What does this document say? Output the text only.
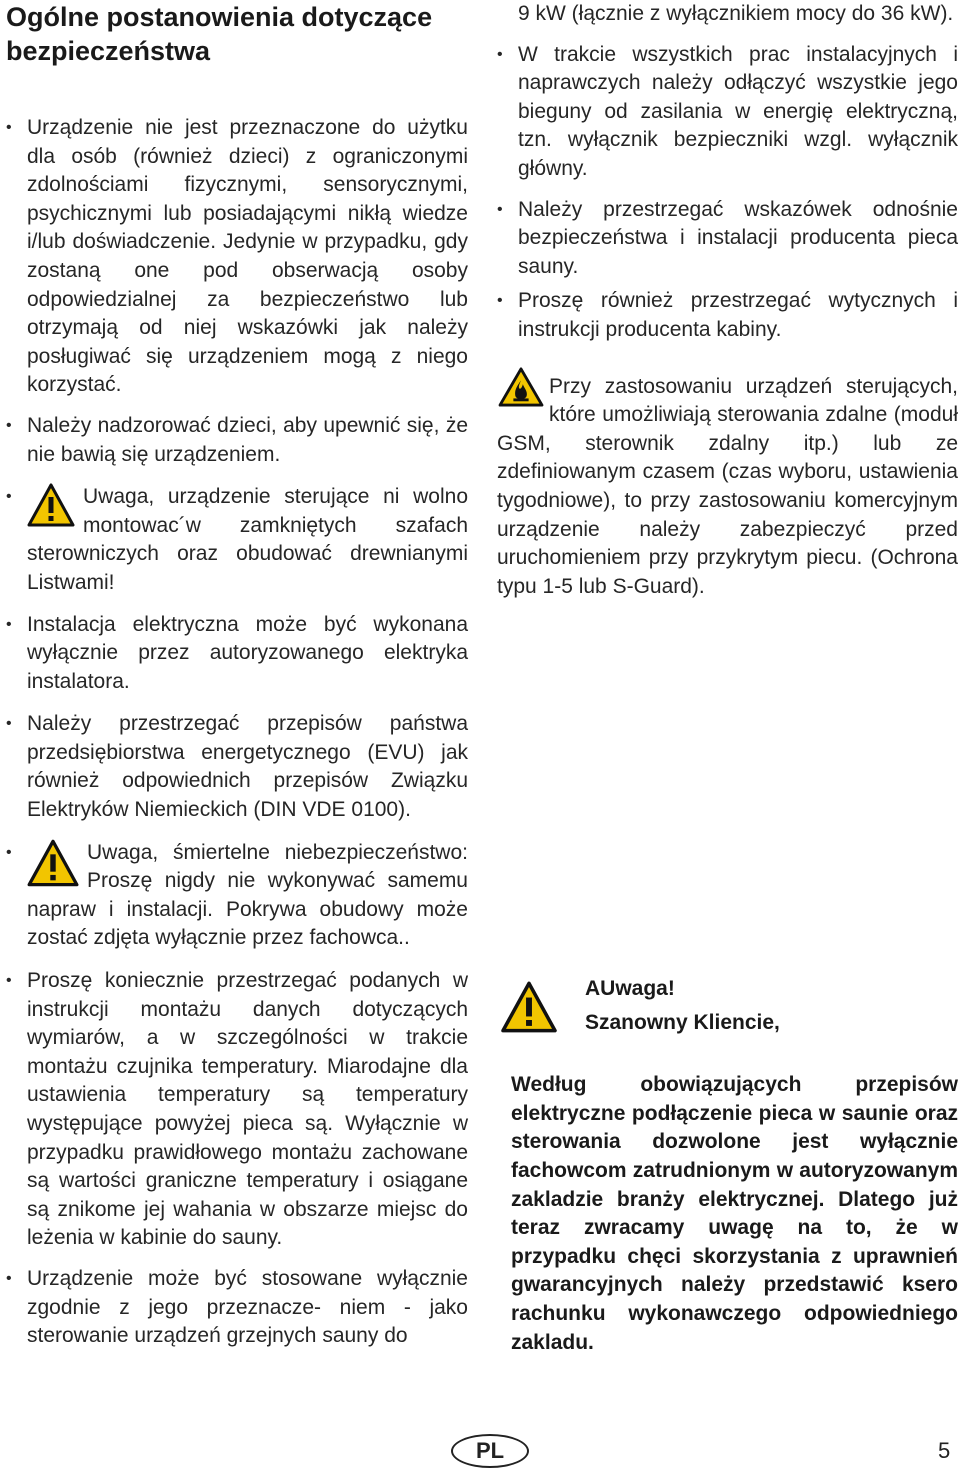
Ogólne postanowienia dotyczące bezpieczeństwa

• Urządzenie nie jest przeznaczone do użytku dla osób (również dzieci) z ograniczonymi zdolnościami fizycznymi, sensorycznymi, psychicznymi lub posiadającymi nikłą wiedze i/lub doświadczenie. Jedynie w przypadku, gdy zostaną one pod obserwacją osoby odpowiedzialnej za bezpieczeństwo lub otrzymają od niej wskazówki jak należy posługiwać się urządzeniem mogą z niego korzystać.

• Należy nadzorować dzieci, aby upewnić się, że nie bawią się urządzeniem.

• Uwaga, urządzenie sterujące ni wolno montowac´w zamkniętych szafach sterowniczych oraz obudować drewnianymi Listwami!

• Instalacja elektryczna może być wykonana wyłącznie przez autoryzowanego elektryka instalatora.

• Należy przestrzegać przepisów państwa przedsiębiorstwa energetycznego (EVU) jak również odpowiednich przepisów Związku Elektryków Niemieckich (DIN VDE 0100).

• Uwaga, śmiertelne niebezpieczeństwo: Proszę nigdy nie wykonywać samemu napraw i instalacji. Pokrywa obudowy może zostać zdjęta wyłącznie przez fachowca..

• Proszę koniecznie przestrzegać podanych w instrukcji montażu danych dotyczących wymiarów, a w szczególności w trakcie montażu czujnika temperatury. Miarodajne dla ustawienia temperatury są temperatury występujące powyżej pieca są. Wyłącznie w przypadku prawidłowego montażu zachowane są wartości graniczne temperatury i osiągane są znikome jej wahania w obszarze miejsc do leżenia w kabinie do sauny.

• Urządzenie może być stosowane wyłącznie zgodnie z jego przeznacze- niem - jako sterowanie urządzeń grzejnych sauny do

9 kW (łącznie z wyłącznikiem mocy do 36 kW).

• W trakcie wszystkich prac instalacyjnych i naprawczych należy odłączyć wszystkie jego bieguny od zasilania w energię elektryczną, tzn. wyłącznik bezpieczniki wzgl. wyłącznik główny.

• Należy przestrzegać wskazówek odnośnie bezpieczeństwa i instalacji producenta pieca sauny.

• Proszę również przestrzegać wytycznych i instrukcji producenta kabiny.

Przy zastosowaniu urządzeń sterujących, które umożliwiają sterowania zdalne (moduł GSM, sterownik zdalny itp.) lub ze zdefiniowanym czasem (czas wyboru, ustawienia tygodniowe), to przy zastosowaniu komercyjnym urządzenie należy zabezpieczyć przed uruchomieniem przy przykrytym piecu. (Ochrona typu 1-5 lub S-Guard).
AUwaga!
Szanowny Kliencie,

Według obowiązujących przepisów elektryczne podłączenie pieca w saunie oraz sterowania dozwolone jest wyłącznie fachowcom zatrudnionym w autoryzowanym zakladzie branży elektrycznej. Dlatego już teraz zwracamy uwagę na to, że w przypadku chęci skorzystania z uprawnień gwarancyjnych należy przedstawić ksero rachunku wykonawczego odpowiedniego zakladu.

PL	5
